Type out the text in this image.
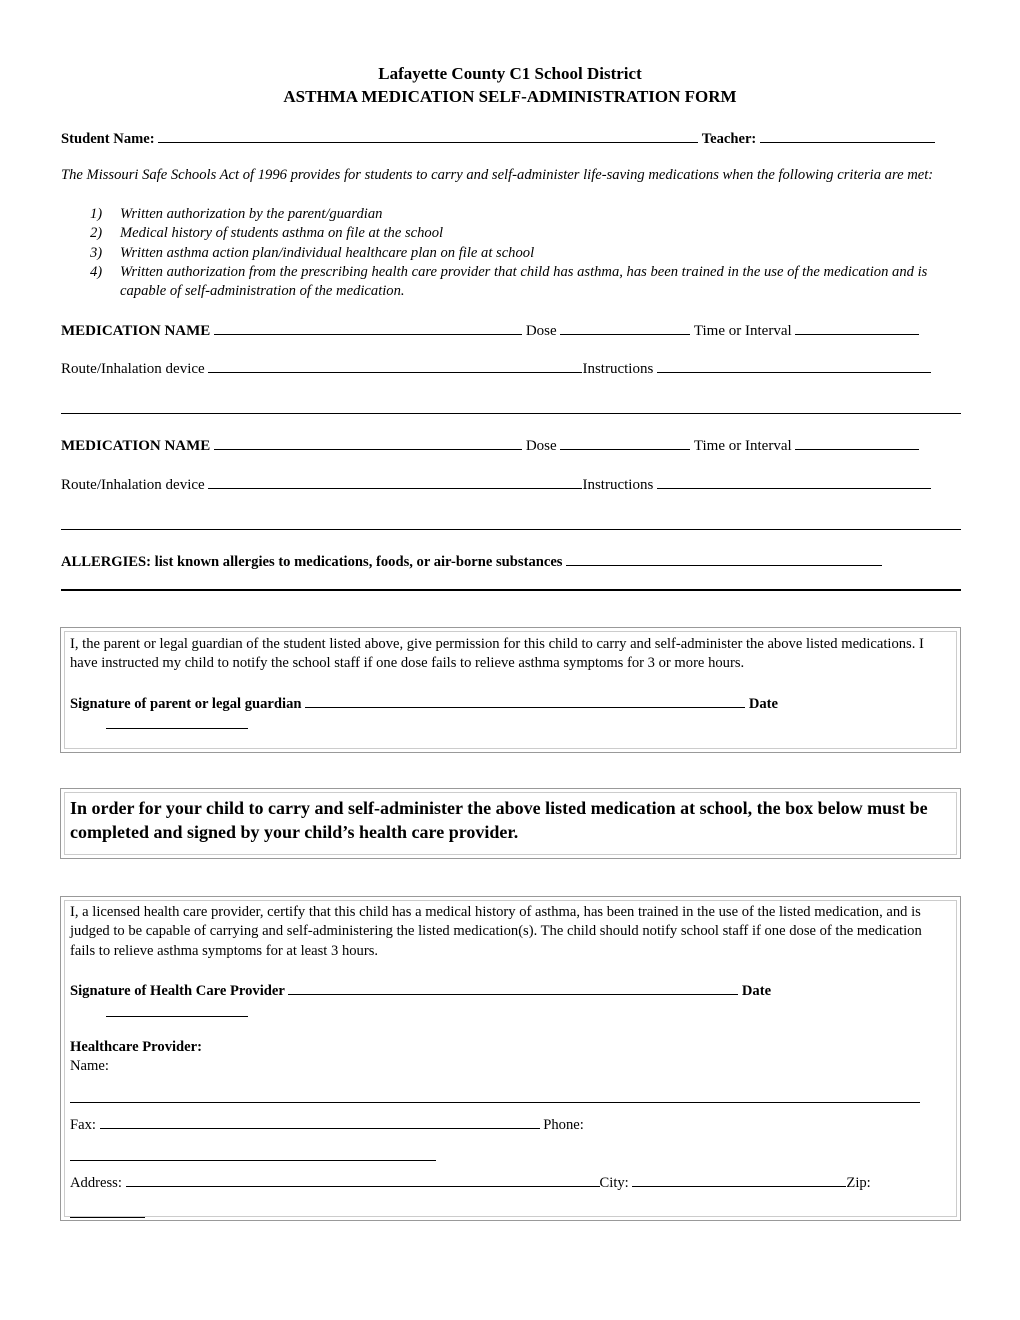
Lafayette County C1 School District
ASTHMA MEDICATION SELF-ADMINISTRATION FORM
Student Name:	Teacher:
The Missouri Safe Schools Act of 1996 provides for students to carry and self-administer life-saving medications when the following criteria are met:
1)	Written authorization by the parent/guardian
2)	Medical history of students asthma on file at the school
3)	Written asthma action plan/individual healthcare plan on file at school
4)	Written authorization from the prescribing health care provider that child has asthma, has been trained in the use of the medication and is capable of self-administration of the medication.
MEDICATION NAME	Dose	Time or Interval
Route/Inhalation device	Instructions
MEDICATION NAME	Dose	Time or Interval
Route/Inhalation device	Instructions
ALLERGIES: list known allergies to medications, foods, or air-borne substances
I, the parent or legal guardian of the student listed above, give permission for this child to carry and self-administer the above listed medications. I have instructed my child to notify the school staff if one dose fails to relieve asthma symptoms for 3 or more hours.
Signature of parent or legal guardian	Date
In order for your child to carry and self-administer the above listed medication at school, the box below must be completed and signed by your child’s health care provider.
I, a licensed health care provider, certify that this child has a medical history of asthma, has been trained in the use of the listed medication, and is judged to be capable of carrying and self-administering the listed medication(s). The child should notify school staff if one dose of the medication fails to relieve asthma symptoms for at least 3 hours.
Signature of Health Care Provider	Date
Healthcare Provider:
Name:
Fax:	Phone:
Address:	City:	Zip:
